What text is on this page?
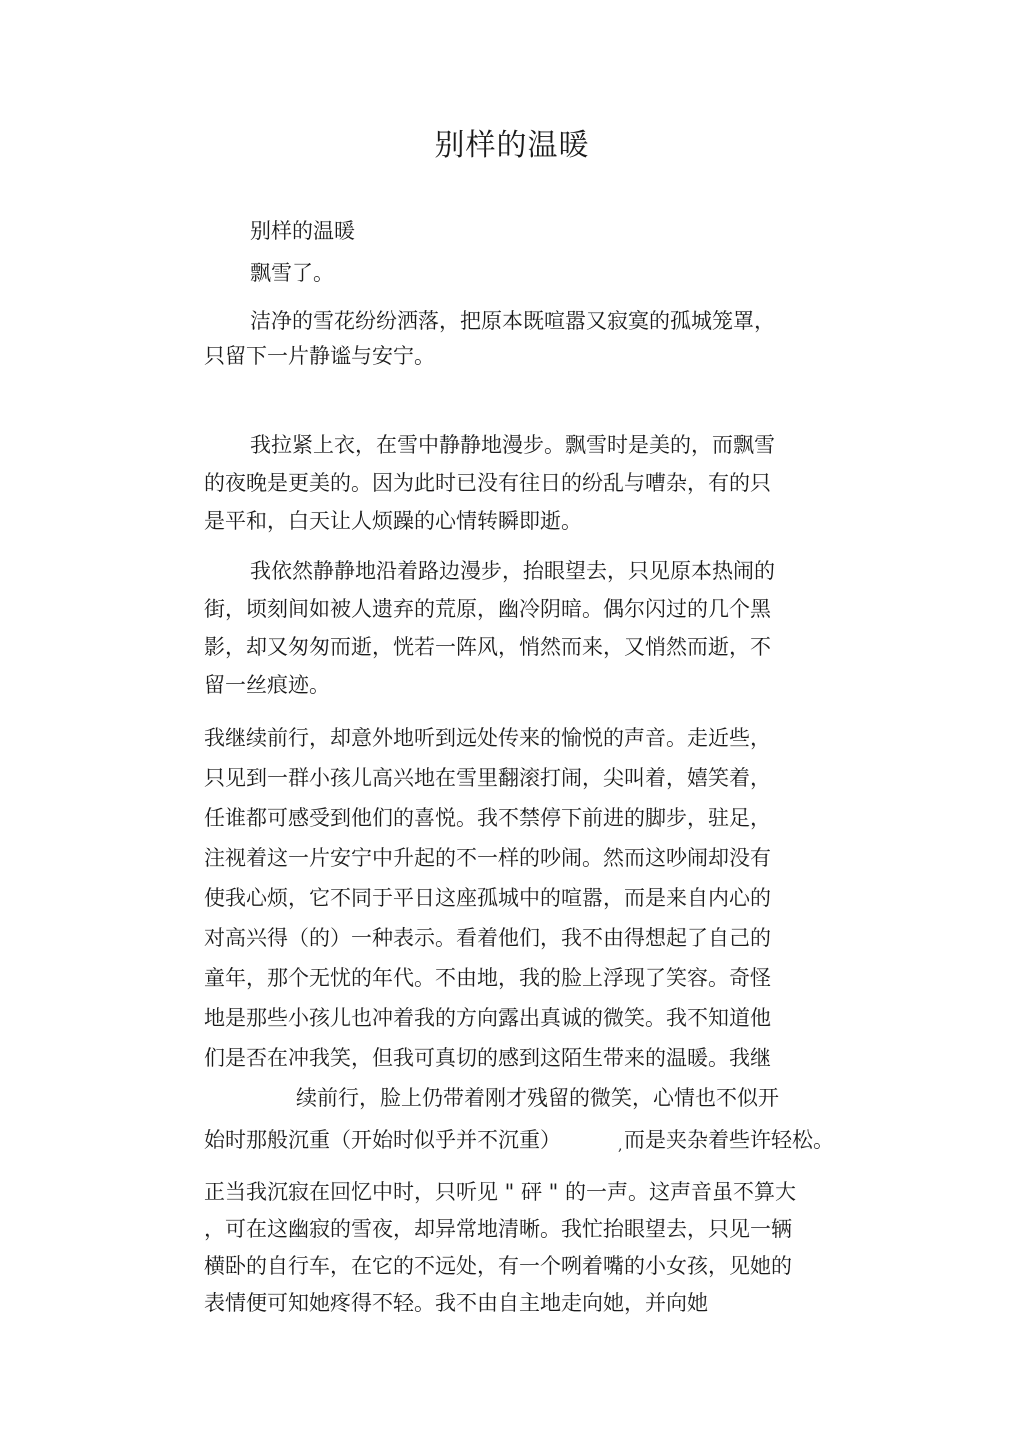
别样的温暖
别样的温暖
飘雪了。
洁净的雪花纷纷洒落，把原本既喧嚣又寂寞的孤城笼罩，
只留下一片静谧与安宁。
我拉紧上衣，在雪中静静地漫步。飘雪时是美的，而飘雪
的夜晚是更美的。因为此时已没有往日的纷乱与嘈杂，有的只
是平和，白天让人烦躁的心情转瞬即逝。
我依然静静地沿着路边漫步，抬眼望去，只见原本热闹的
街，顷刻间如被人遗弃的荒原，幽冷阴暗。偶尔闪过的几个黑
影，却又匆匆而逝，恍若一阵风，悄然而来，又悄然而逝，不
留一丝痕迹。
我继续前行，却意外地听到远处传来的愉悦的声音。走近些，
只见到一群小孩儿高兴地在雪里翻滚打闹，尖叫着，嬉笑着，
任谁都可感受到他们的喜悦。我不禁停下前进的脚步，驻足，
注视着这一片安宁中升起的不一样的吵闹。然而这吵闹却没有
使我心烦，它不同于平日这座孤城中的喧嚣，而是来自内心的
对高兴得（的）一种表示。看着他们，我不由得想起了自己的
童年，那个无忧的年代。不由地，我的脸上浮现了笑容。奇怪
地是那些小孩儿也冲着我的方向露出真诚的微笑。我不知道他
们是否在冲我笑，但我可真切的感到这陌生带来的温暖。我继
续前行，脸上仍带着刚才残留的微笑，心情也不似开
始时那般沉重（开始时似乎并不沉重）	, 而是夹杂着些许轻松。
正当我沉寂在回忆中时，只听见 " 砰 " 的一声。这声音虽不算大
，可在这幽寂的雪夜，却异常地清晰。我忙抬眼望去，只见一辆
横卧的自行车，在它的不远处，有一个咧着嘴的小女孩，见她的
表情便可知她疼得不轻。我不由自主地走向她，并向她
